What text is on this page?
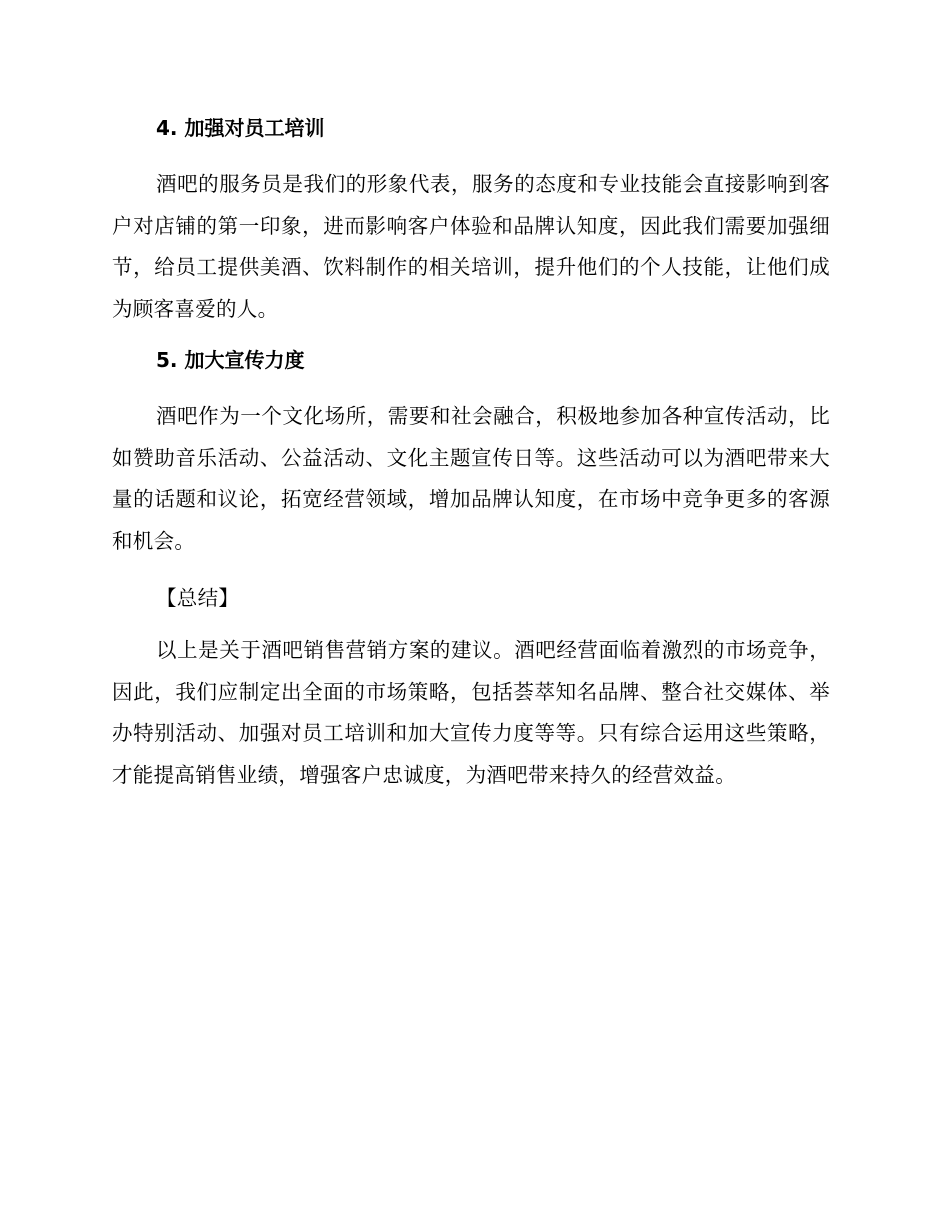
4. 加强对员工培训

酒吧的服务员是我们的形象代表，服务的态度和专业技能会直接影响到客户对店铺的第一印象，进而影响客户体验和品牌认知度，因此我们需要加强细节，给员工提供美酒、饮料制作的相关培训，提升他们的个人技能，让他们成为顾客喜爱的人。

5. 加大宣传力度

酒吧作为一个文化场所，需要和社会融合，积极地参加各种宣传活动，比如赞助音乐活动、公益活动、文化主题宣传日等。这些活动可以为酒吧带来大量的话题和议论，拓宽经营领域，增加品牌认知度，在市场中竞争更多的客源和机会。

【总结】

以上是关于酒吧销售营销方案的建议。酒吧经营面临着激烈的市场竞争，因此，我们应制定出全面的市场策略，包括荟萃知名品牌、整合社交媒体、举办特别活动、加强对员工培训和加大宣传力度等等。只有综合运用这些策略，才能提高销售业绩，增强客户忠诚度，为酒吧带来持久的经营效益。
